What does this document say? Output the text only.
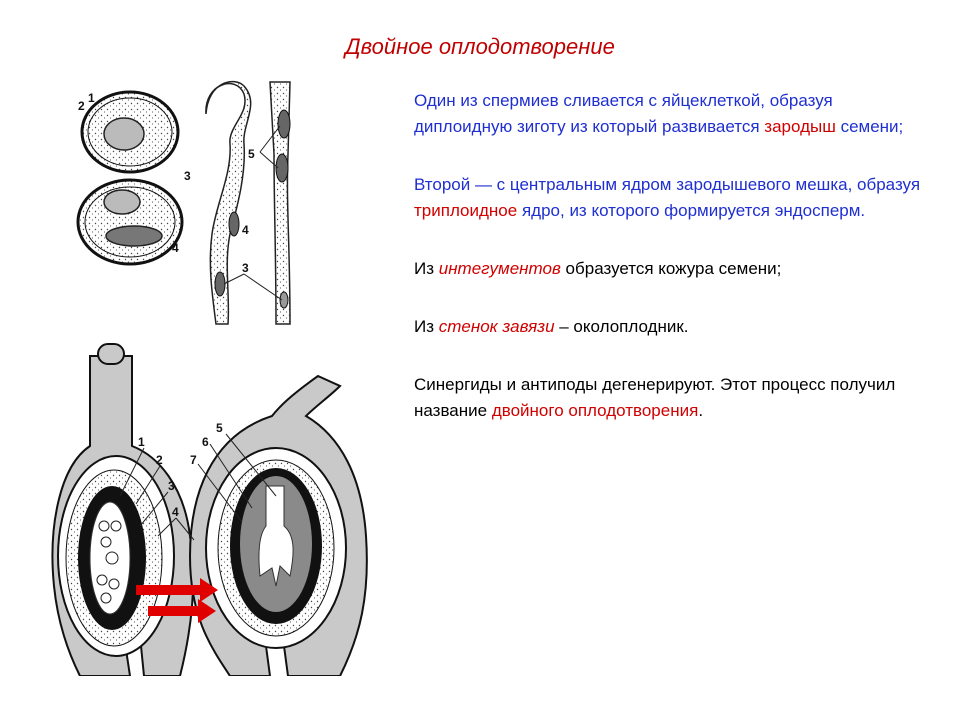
Двойное оплодотворение

Один из спермиев сливается с яйцеклеткой, образуя диплоидную зиготу из который развивается зародыш семени;

Второй — с центральным ядром зародышевого мешка, образуя триплоидное ядро, из которого формируется эндосперм.

Из интегументов образуется кожура семени;

Из стенок завязи – околоплодник.

Синергиды и антиподы дегенерируют. Этот процесс получил название двойного оплодотворения.

2
1
3
4
5
4
3
1
2
3
4
5
6
7
